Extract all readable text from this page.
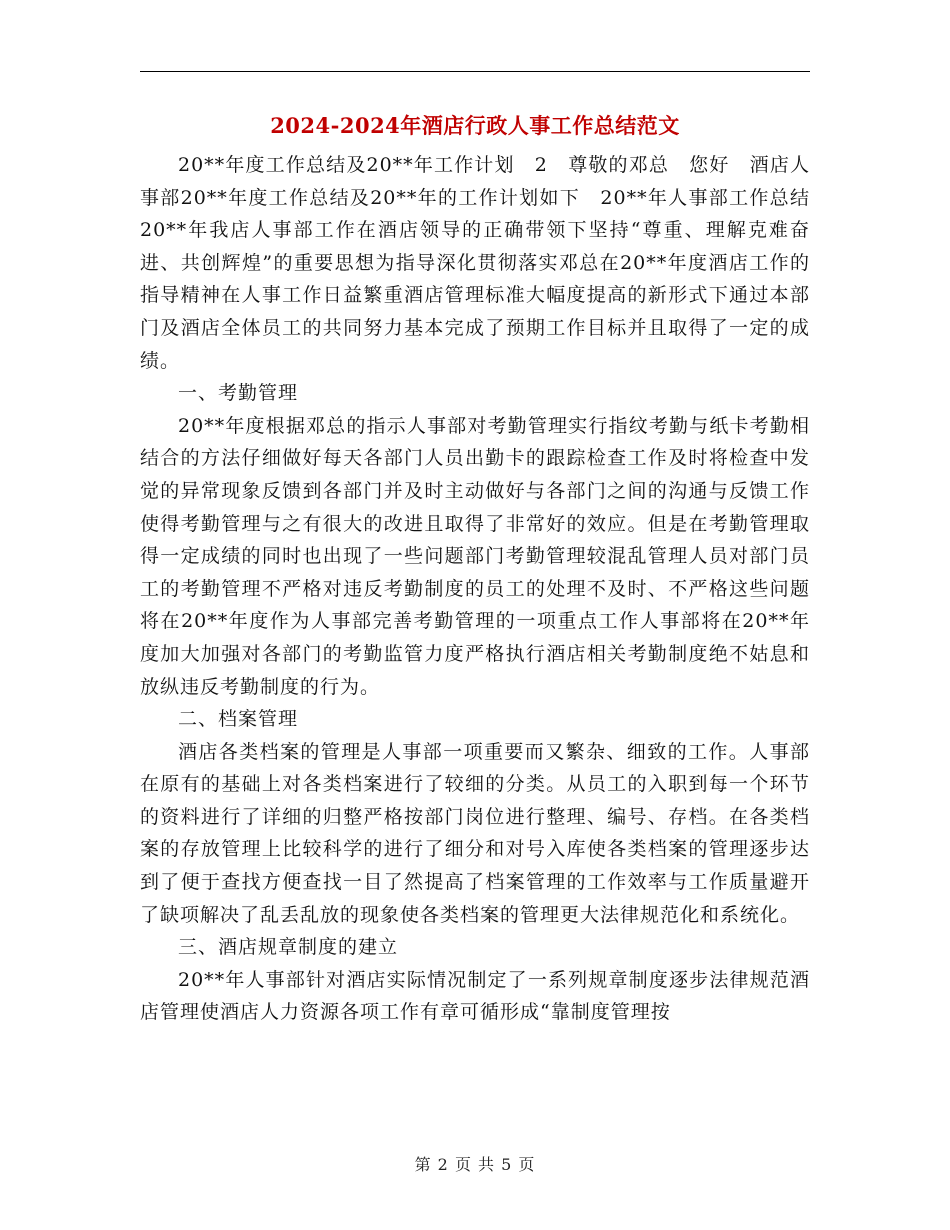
2024-2024年酒店行政人事工作总结范文

20**年度工作总结及20**年工作计划　2　尊敬的邓总　您好　酒店人事部20**年度工作总结及20**年的工作计划如下　20**年人事部工作总结　20**年我店人事部工作在酒店领导的正确带领下坚持“尊重、理解克难奋进、共创辉煌”的重要思想为指导深化贯彻落实邓总在20**年度酒店工作的指导精神在人事工作日益繁重酒店管理标准大幅度提高的新形式下通过本部门及酒店全体员工的共同努力基本完成了预期工作目标并且取得了一定的成绩。

一、考勤管理

20**年度根据邓总的指示人事部对考勤管理实行指纹考勤与纸卡考勤相结合的方法仔细做好每天各部门人员出勤卡的跟踪检查工作及时将检查中发觉的异常现象反馈到各部门并及时主动做好与各部门之间的沟通与反馈工作使得考勤管理与之有很大的改进且取得了非常好的效应。但是在考勤管理取得一定成绩的同时也出现了一些问题部门考勤管理较混乱管理人员对部门员工的考勤管理不严格对违反考勤制度的员工的处理不及时、不严格这些问题将在20**年度作为人事部完善考勤管理的一项重点工作人事部将在20**年度加大加强对各部门的考勤监管力度严格执行酒店相关考勤制度绝不姑息和放纵违反考勤制度的行为。

二、档案管理

酒店各类档案的管理是人事部一项重要而又繁杂、细致的工作。人事部在原有的基础上对各类档案进行了较细的分类。从员工的入职到每一个环节的资料进行了详细的归整严格按部门岗位进行整理、编号、存档。在各类档案的存放管理上比较科学的进行了细分和对号入库使各类档案的管理逐步达到了便于查找方便查找一目了然提高了档案管理的工作效率与工作质量避开了缺项解决了乱丢乱放的现象使各类档案的管理更大法律规范化和系统化。

三、酒店规章制度的建立

20**年人事部针对酒店实际情况制定了一系列规章制度逐步法律规范酒店管理使酒店人力资源各项工作有章可循形成“靠制度管理按

第 2 页 共 5 页
